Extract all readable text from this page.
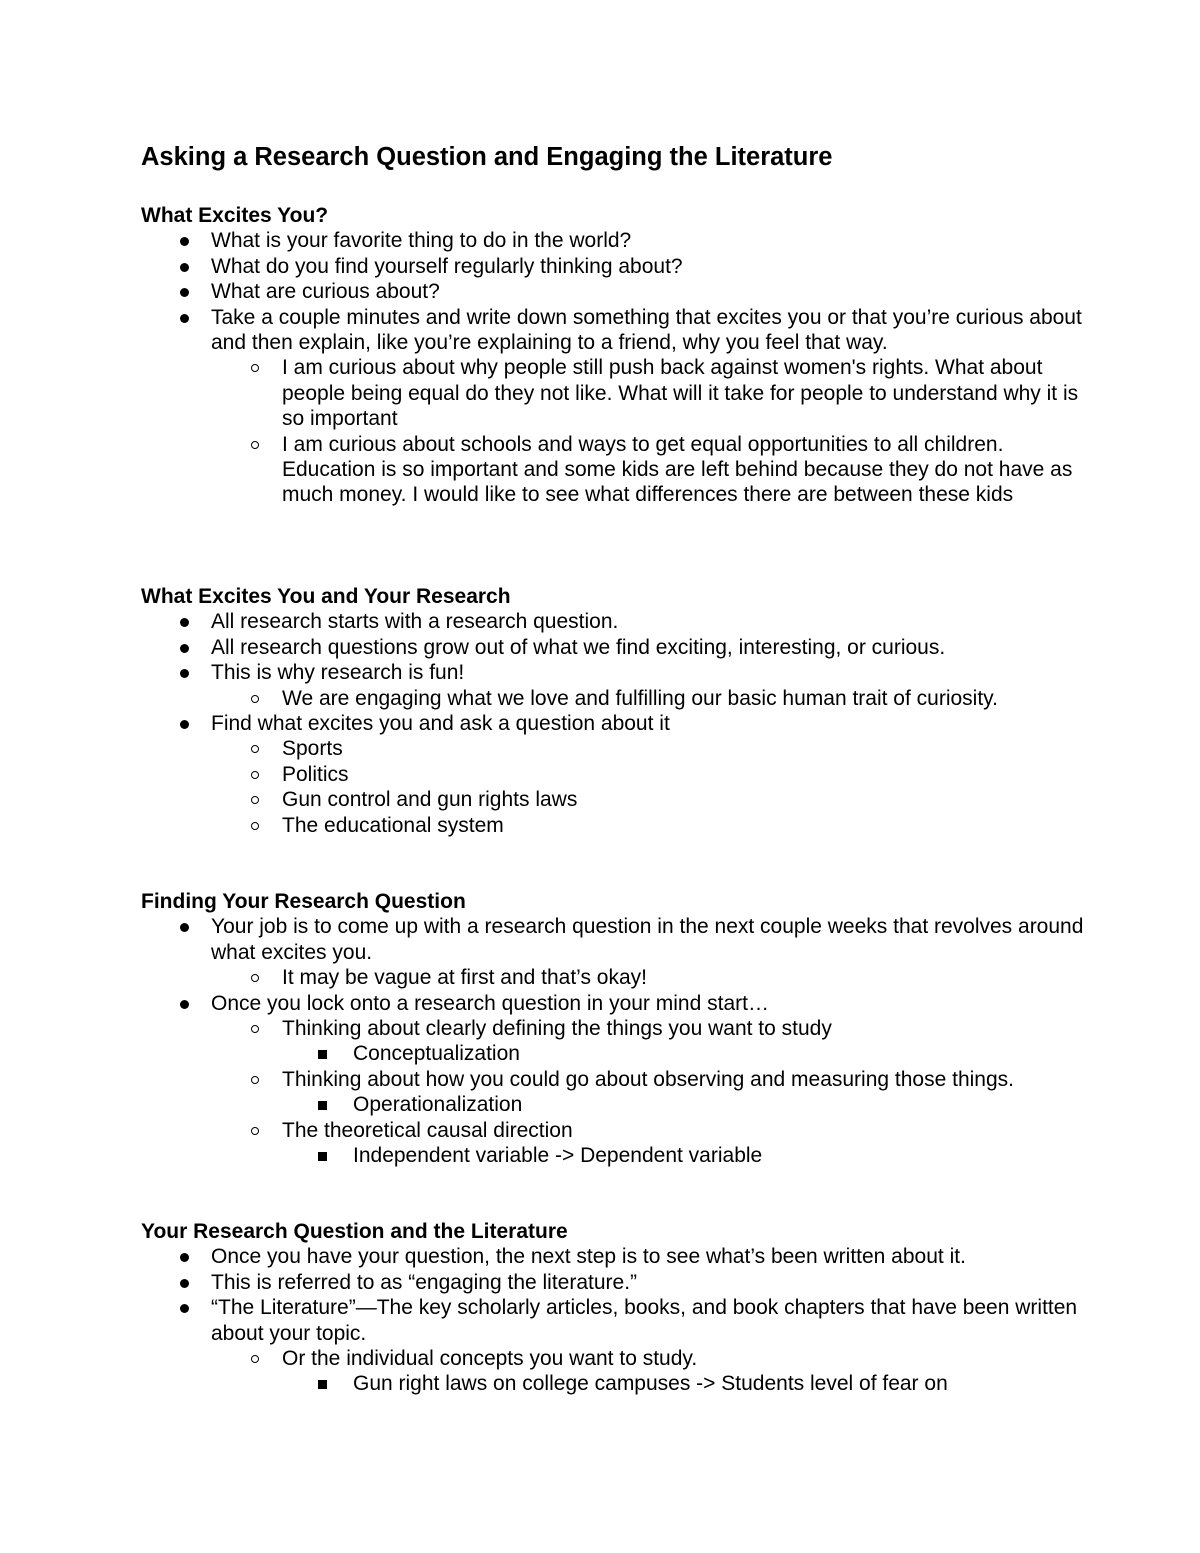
Asking a Research Question and Engaging the Literature
What Excites You?
What is your favorite thing to do in the world?
What do you find yourself regularly thinking about?
What are curious about?
Take a couple minutes and write down something that excites you or that you’re curious about and then explain, like you’re explaining to a friend, why you feel that way.
I am curious about why people still push back against women's rights. What about people being equal do they not like. What will it take for people to understand why it is so important
I am curious about schools and ways to get equal opportunities to all children. Education is so important and some kids are left behind because they do not have as much money. I would like to see what differences there are between these kids
What Excites You and Your Research
All research starts with a research question.
All research questions grow out of what we find exciting, interesting, or curious.
This is why research is fun!
We are engaging what we love and fulfilling our basic human trait of curiosity.
Find what excites you and ask a question about it
Sports
Politics
Gun control and gun rights laws
The educational system
Finding Your Research Question
Your job is to come up with a research question in the next couple weeks that revolves around what excites you.
It may be vague at first and that’s okay!
Once you lock onto a research question in your mind start…
Thinking about clearly defining the things you want to study
Conceptualization
Thinking about how you could go about observing and measuring those things.
Operationalization
The theoretical causal direction
Independent variable -> Dependent variable
Your Research Question and the Literature
Once you have your question, the next step is to see what’s been written about it.
This is referred to as “engaging the literature.”
“The Literature”—The key scholarly articles, books, and book chapters that have been written about your topic.
Or the individual concepts you want to study.
Gun right laws on college campuses -> Students level of fear on
